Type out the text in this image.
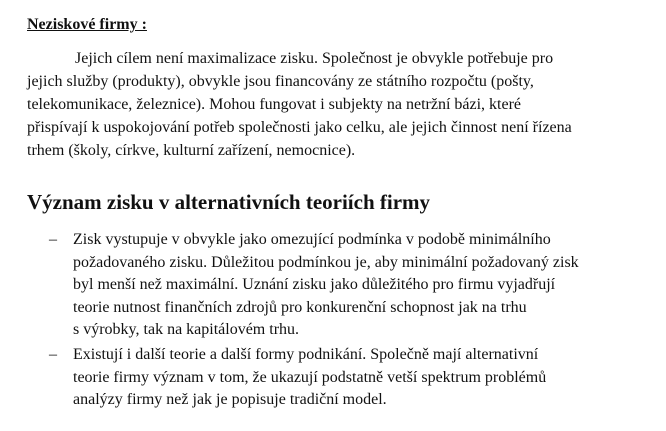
Neziskové firmy :
Jejich cílem není maximalizace zisku. Společnost je obvykle potřebuje pro
jejich služby (produkty), obvykle jsou financovány ze státního rozpočtu (pošty,
telekomunikace, železnice). Mohou fungovat i subjekty na netržní bázi, které
přispívají k uspokojování potřeb společnosti jako celku, ale jejich činnost není řízena
trhem (školy, církve, kulturní zařízení, nemocnice).
Význam zisku v alternativních teoriích firmy
– Zisk vystupuje v obvykle jako omezující podmínka v podobě minimálního
požadovaného zisku. Důležitou podmínkou je, aby minimální požadovaný zisk
byl menší než maximální. Uznání zisku jako důležitého pro firmu vyjadřují
teorie nutnost finančních zdrojů pro konkurenční schopnost jak na trhu
s výrobky, tak na kapitálovém trhu.
– Existují i další teorie a další formy podnikání. Společně mají alternativní
teorie firmy význam v tom, že ukazují podstatně vetší spektrum problémů
analýzy firmy než jak je popisuje tradiční model.
